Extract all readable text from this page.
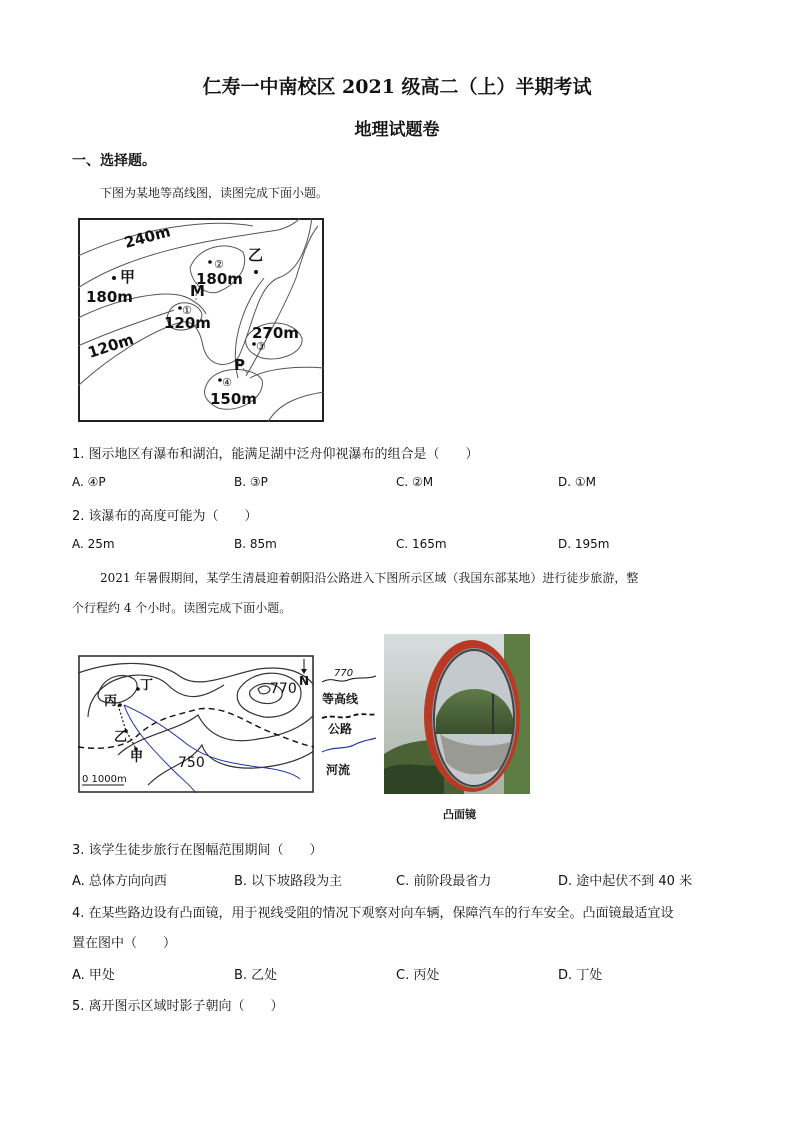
仁寿一中南校区 2021 级高二（上）半期考试
地理试题卷
一、选择题。
下图为某地等高线图，读图完成下面小题。
240m
180m
120m
180m
120m	270m
150m
甲
乙
M
P
①
②
③
④
1. 图示地区有瀑布和湖泊，能满足湖中泛舟仰视瀑布的组合是（　　）
A. ④P	B. ③P	C. ②M	D. ①M
2. 该瀑布的高度可能为（　　）
A. 25m	B. 85m	C. 165m	D. 195m
2021 年暑假期间，某学生清晨迎着朝阳沿公路进入下图所示区域（我国东部某地）进行徒步旅游，整
个行程约 4 个小时。读图完成下面小题。
770
750
丁
丙
乙
甲
N
0 1000m
770
等高线
公路
河流
凸面镜
3. 该学生徒步旅行在图幅范围期间（　　）
A. 总体方向向西	B. 以下坡路段为主	C. 前阶段最省力	D. 途中起伏不到 40 米
4. 在某些路边设有凸面镜，用于视线受阻的情况下观察对向车辆，保障汽车的行车安全。凸面镜最适宜设
置在图中（　　）
A. 甲处	B. 乙处	C. 丙处	D. 丁处
5. 离开图示区域时影子朝向（　　）
